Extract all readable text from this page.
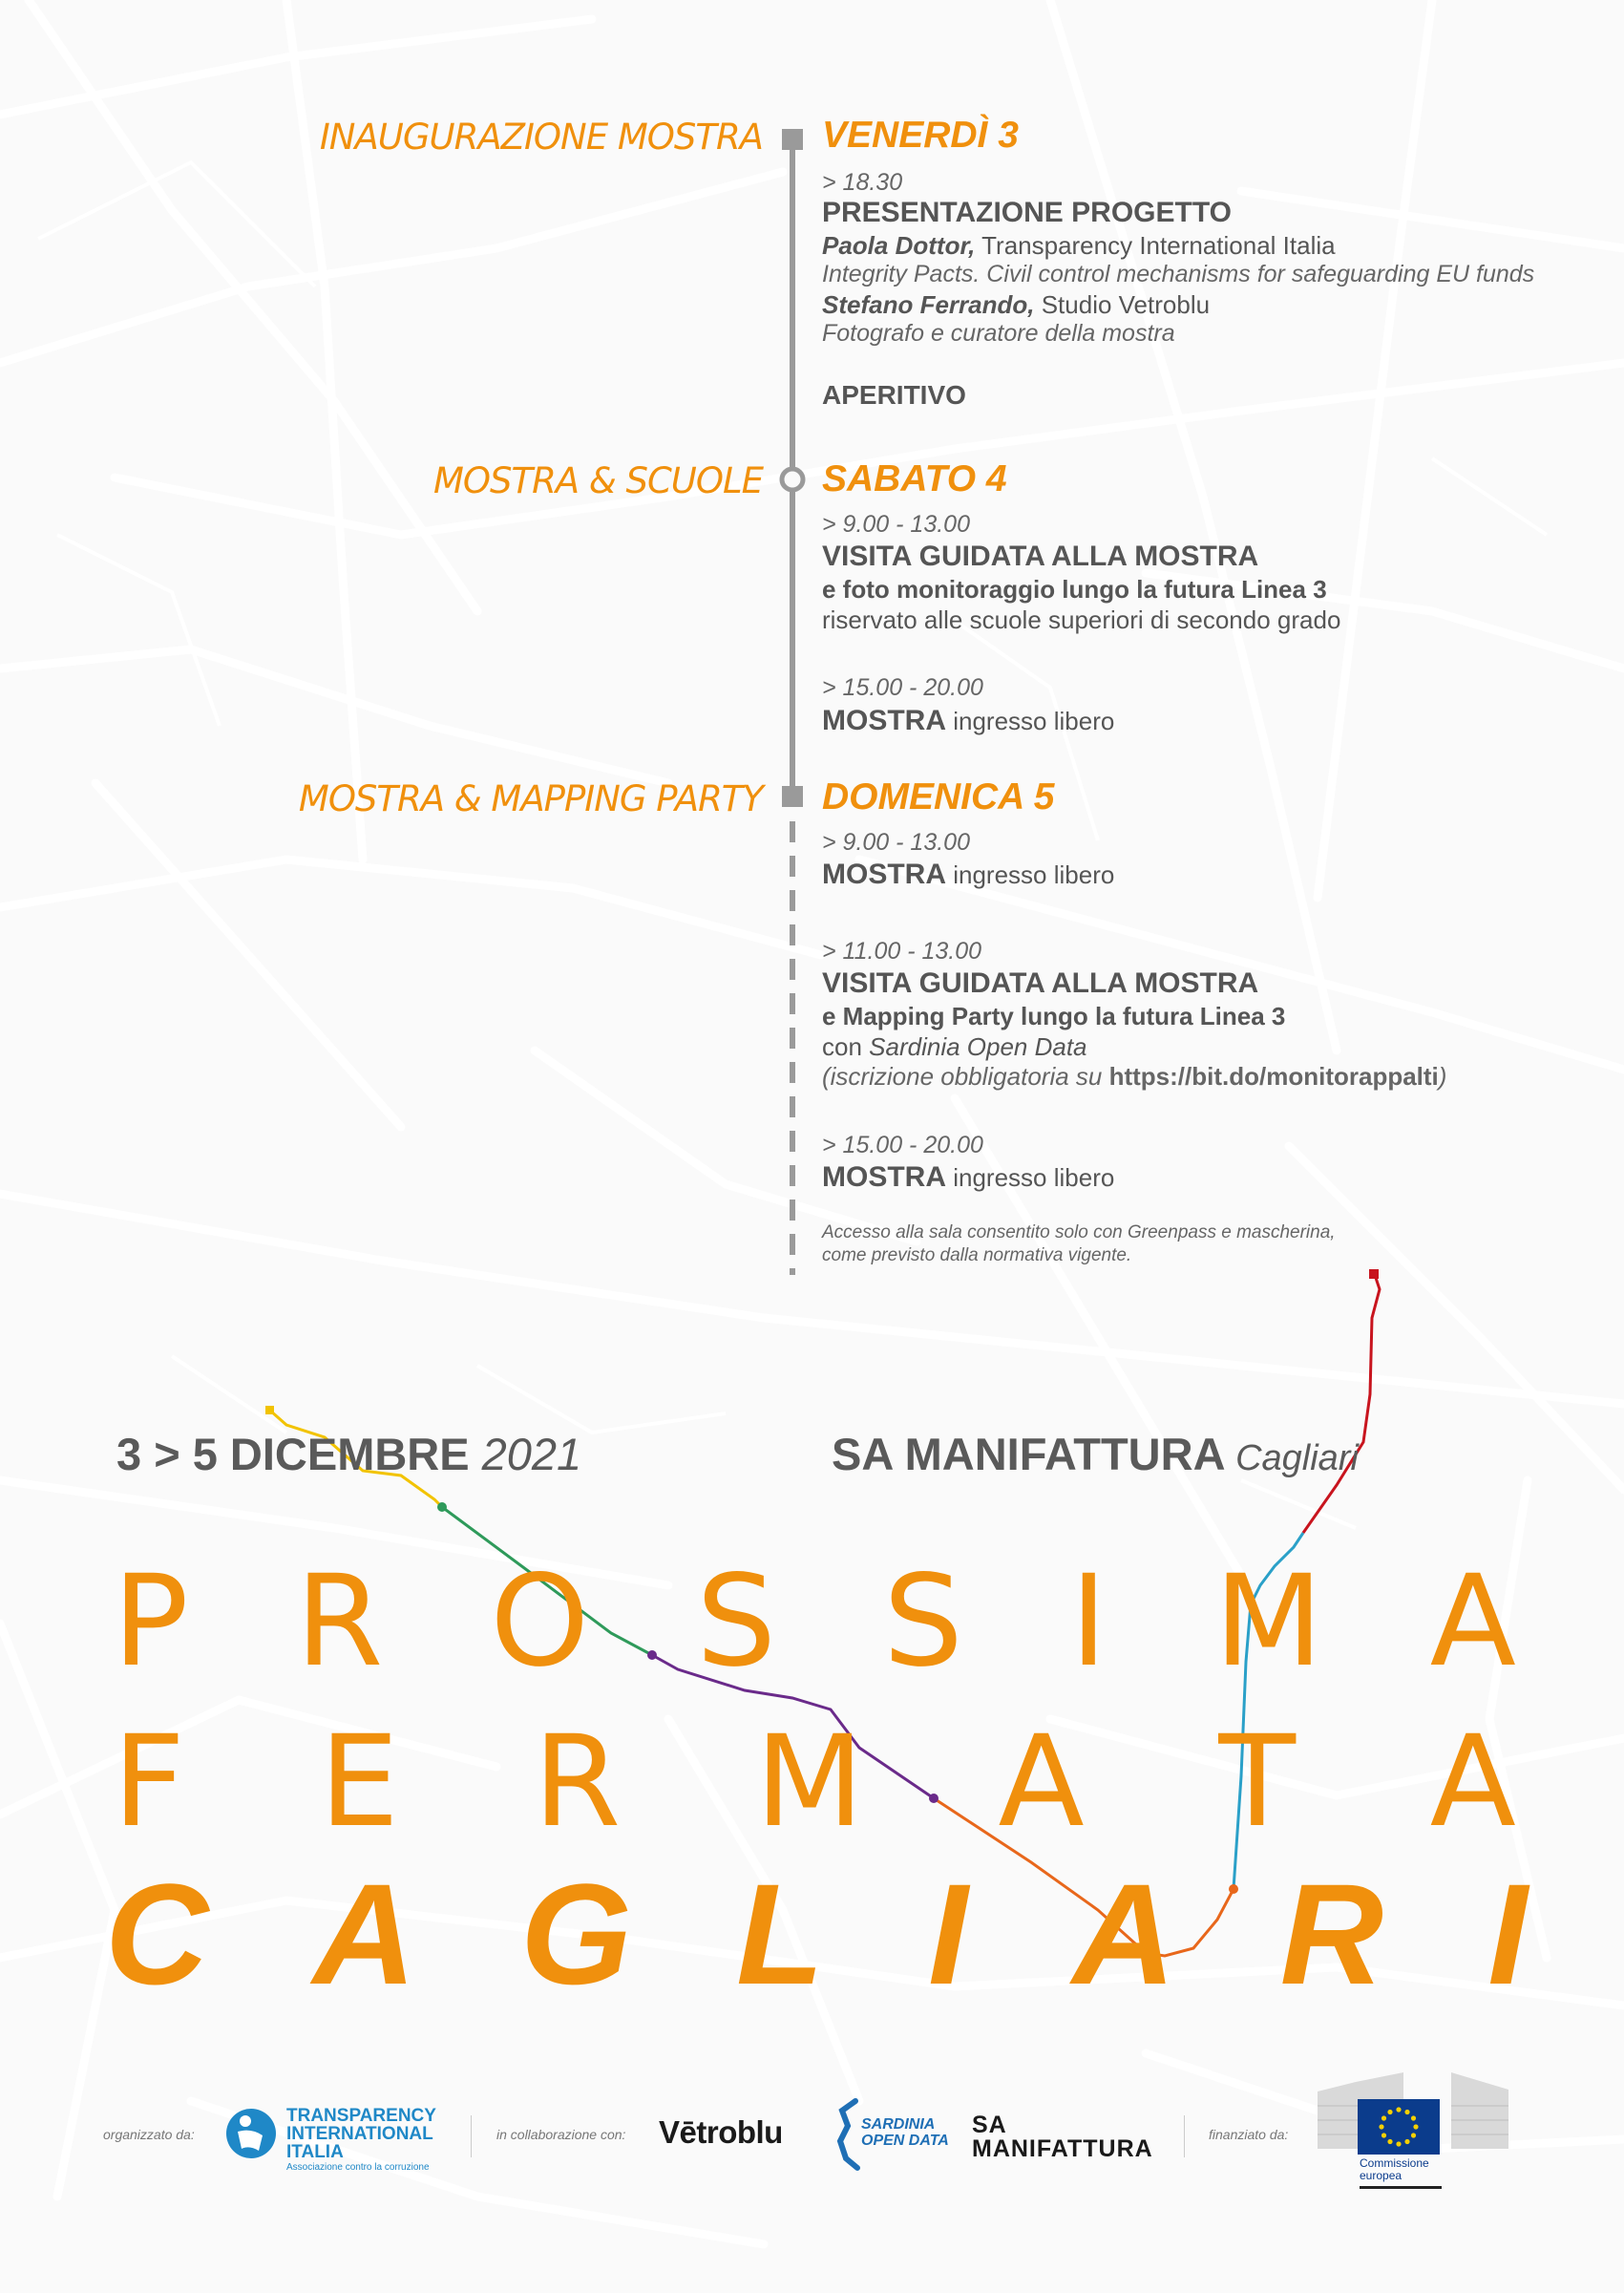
INAUGURAZIONE MOSTRA VENERDÌ 3
> 18.30
PRESENTAZIONE PROGETTO
Paola Dottor, Transparency International Italia
Integrity Pacts. Civil control mechanisms for safeguarding EU funds
Stefano Ferrando, Studio Vetroblu
Fotografo e curatore della mostra
APERITIVO
MOSTRA & SCUOLE SABATO 4
> 9.00 - 13.00
VISITA GUIDATA ALLA MOSTRA
e foto monitoraggio lungo la futura Linea 3
riservato alle scuole superiori di secondo grado
> 15.00 - 20.00
MOSTRA ingresso libero
MOSTRA & MAPPING PARTY DOMENICA 5
> 9.00 - 13.00
MOSTRA ingresso libero
> 11.00 - 13.00
VISITA GUIDATA ALLA MOSTRA
e Mapping Party lungo la futura Linea 3
con Sardinia Open Data
(iscrizione obbligatoria su https://bit.do/monitorappalti)
> 15.00 - 20.00
MOSTRA ingresso libero
Accesso alla sala consentito solo con Greenpass e mascherina,
come previsto dalla normativa vigente.
3 > 5 DICEMBRE 2021	SA MANIFATTURA Cagliari
P R O S S I M A
F E R M A T A
C A G L I A R I
organizzato da:
TRANSPARENCY
INTERNATIONAL
ITALIA
Associazione contro la corruzione
in collaborazione con: Vētroblu	SARDINIA
OPEN DATA
SA
MANIFATTURA
finanziato da:
Commissione
europea
